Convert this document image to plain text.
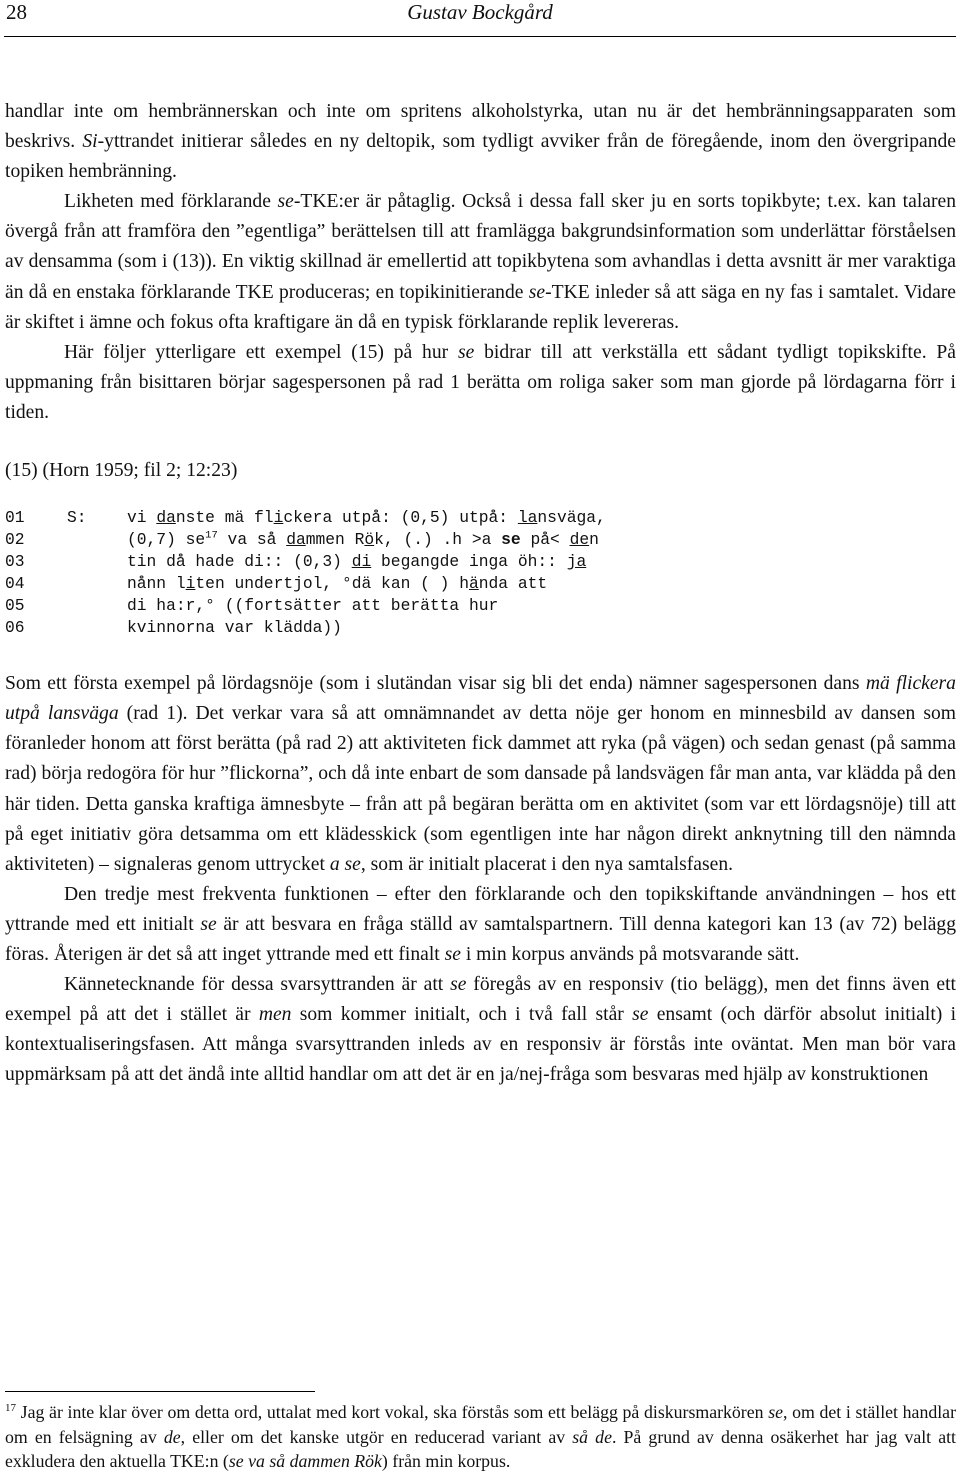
28	Gustav Bockgård

handlar inte om hembrännerskan och inte om spritens alkoholstyrka, utan nu är det hembränningsapparaten som beskrivs. Si-yttrandet initierar således en ny deltopik, som tydligt avviker från de föregående, inom den övergripande topiken hembränning.

Likheten med förklarande se-TKE:er är påtaglig. Också i dessa fall sker ju en sorts topikbyte; t.ex. kan talaren övergå från att framföra den ”egentliga” berättelsen till att framlägga bakgrundsinformation som underlättar förståelsen av densamma (som i (13)). En viktig skillnad är emellertid att topikbytena som avhandlas i detta avsnitt är mer varaktiga än då en enstaka förklarande TKE produceras; en topikinitierande se-TKE inleder så att säga en ny fas i samtalet. Vidare är skiftet i ämne och fokus ofta kraftigare än då en typisk förklarande replik levereras.

Här följer ytterligare ett exempel (15) på hur se bidrar till att verkställa ett sådant tydligt topikskifte. På uppmaning från bisittaren börjar sagespersonen på rad 1 berätta om roliga saker som man gjorde på lördagarna förr i tiden.

(15) (Horn 1959; fil 2; 12:23)
01	S:	vi danste mä flickera utpå: (0,5) utpå: lansväga,
02	(0,7) $se^{17}$ va så dammen Rök, (.) .h >a se på< den
03	tin då hade di:: (0,3) di begangde inga öh:: ja
04	nånn liten undertjol, °dä kan ( ) hända att
05	di ha:r,° ((fortsätter att berätta hur
06	kvinnorna var klädda))

Som ett första exempel på lördagsnöje (som i slutändan visar sig bli det enda) nämner sagespersonen dans mä flickera utpå lansväga (rad 1). Det verkar vara så att omnämnandet av detta nöje ger honom en minnesbild av dansen som föranleder honom att först berätta (på rad 2) att aktiviteten fick dammet att ryka (på vägen) och sedan genast (på samma rad) börja redogöra för hur ”flickorna”, och då inte enbart de som dansade på landsvägen får man anta, var klädda på den här tiden. Detta ganska kraftiga ämnesbyte – från att på begäran berätta om en aktivitet (som var ett lördagsnöje) till att på eget initiativ göra detsamma om ett klädesskick (som egentligen inte har någon direkt anknytning till den nämnda aktiviteten) – signaleras genom uttrycket a se, som är initialt placerat i den nya samtalsfasen.

Den tredje mest frekventa funktionen – efter den förklarande och den topikskiftande användningen – hos ett yttrande med ett initialt se är att besvara en fråga ställd av samtalspartnern. Till denna kategori kan 13 (av 72) belägg föras. Återigen är det så att inget yttrande med ett finalt se i min korpus används på motsvarande sätt.

Kännetecknande för dessa svarsyttranden är att se föregås av en responsiv (tio belägg), men det finns även ett exempel på att det i stället är men som kommer initialt, och i två fall står se ensamt (och därför absolut initialt) i kontextualiseringsfasen. Att många svarsyttranden inleds av en responsiv är förstås inte oväntat. Men man bör vara uppmärksam på att det ändå inte alltid handlar om att det är en ja/nej-fråga som besvaras med hjälp av konstruktionen

$^{17}$ Jag är inte klar över om detta ord, uttalat med kort vokal, ska förstås som ett belägg på diskursmarkören se, om det i stället handlar om en felsägning av de, eller om det kanske utgör en reducerad variant av så de. På grund av denna osäkerhet har jag valt att exkludera den aktuella TKE:n (se va så dammen Rök) från min korpus.
